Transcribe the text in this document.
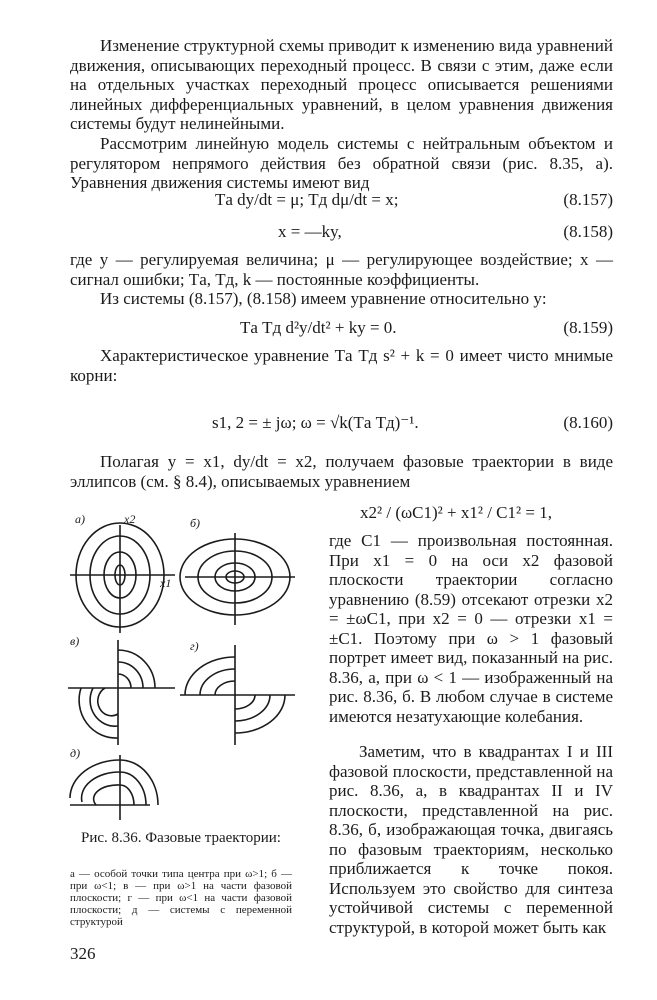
Изменение структурной схемы приводит к изменению вида уравнений движения, описывающих переходный процесс. В связи с этим, даже если на отдельных участках переходный процесс описывается решениями линейных дифференциальных уравнений, в целом уравнения движения системы будут нелинейными.
Рассмотрим линейную модель системы с нейтральным объектом и регулятором непрямого действия без обратной связи (рис. 8.35, а). Уравнения движения системы имеют вид
Tа dy/dt = μ; Tд dμ/dt = x;	(8.157)
x = —ky,	(8.158)
где y — регулируемая величина; μ — регулирующее воздействие; x — сигнал ошибки; Tа, Tд, k — постоянные коэффициенты.
Из системы (8.157), (8.158) имеем уравнение относительно y:
Tа Tд d²y/dt² + ky = 0.	(8.159)
Характеристическое уравнение Tа Tд s² + k = 0 имеет чисто мнимые корни:
s1, 2 = ± jω; ω = √k(Tа Tд)⁻¹.	(8.160)
Полагая y = x1, dy/dt = x2, получаем фазовые траектории в виде эллипсов (см. § 8.4), описываемых уравнением
x2² / (ωC1)² + x1² / C1² = 1,
где C1 — произвольная постоянная. При x1 = 0 на оси x2 фазовой плоскости траектории согласно уравнению (8.59) отсекают отрезки x2 = ±ωC1, при x2 = 0 — отрезки x1 = ±C1. Поэтому при ω > 1 фазовый портрет имеет вид, показанный на рис. 8.36, а, при ω < 1 — изображенный на рис. 8.36, б. В любом случае в системе имеются незатухающие колебания.
Заметим, что в квадрантах I и III фазовой плоскости, представленной на рис. 8.36, а, в квадрантах II и IV плоскости, представленной на рис. 8.36, б, изображающая точка, двигаясь по фазовым траекториям, несколько приближается к точке покоя. Используем это свойство для синтеза устойчивой системы с переменной структурой, в которой может быть как
а)	б)
в)	г)
д)
x2
x1
Рис. 8.36. Фазовые траектории:
а — особой точки типа центра при ω>1; б — при ω<1; в — при ω>1 на части фазовой плоскости; г — при ω<1 на части фазовой плоскости; д — системы с переменной структурой
326
